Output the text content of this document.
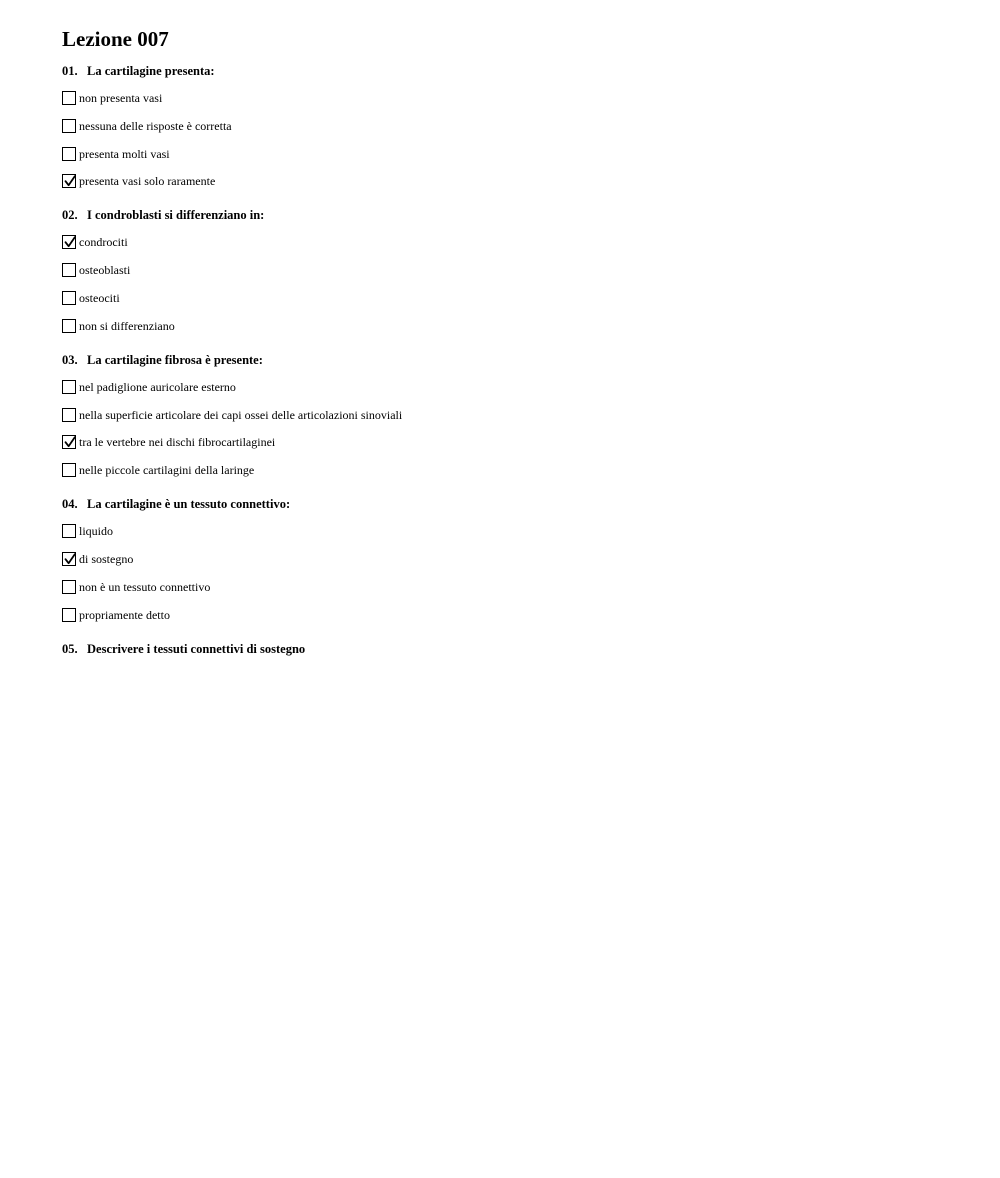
Lezione 007
01. La cartilagine presenta:
non presenta vasi
nessuna delle risposte è corretta
presenta molti vasi
presenta vasi solo raramente
02. I condroblasti si differenziano in:
condrociti
osteoblasti
osteociti
non si differenziano
03. La cartilagine fibrosa è presente:
nel padiglione auricolare esterno
nella superficie articolare dei capi ossei delle articolazioni sinoviali
tra le vertebre nei dischi fibrocartilaginei
nelle piccole cartilagini della laringe
04. La cartilagine è un tessuto connettivo:
liquido
di sostegno
non è un tessuto connettivo
propriamente detto
05. Descrivere i tessuti connettivi di sostegno
